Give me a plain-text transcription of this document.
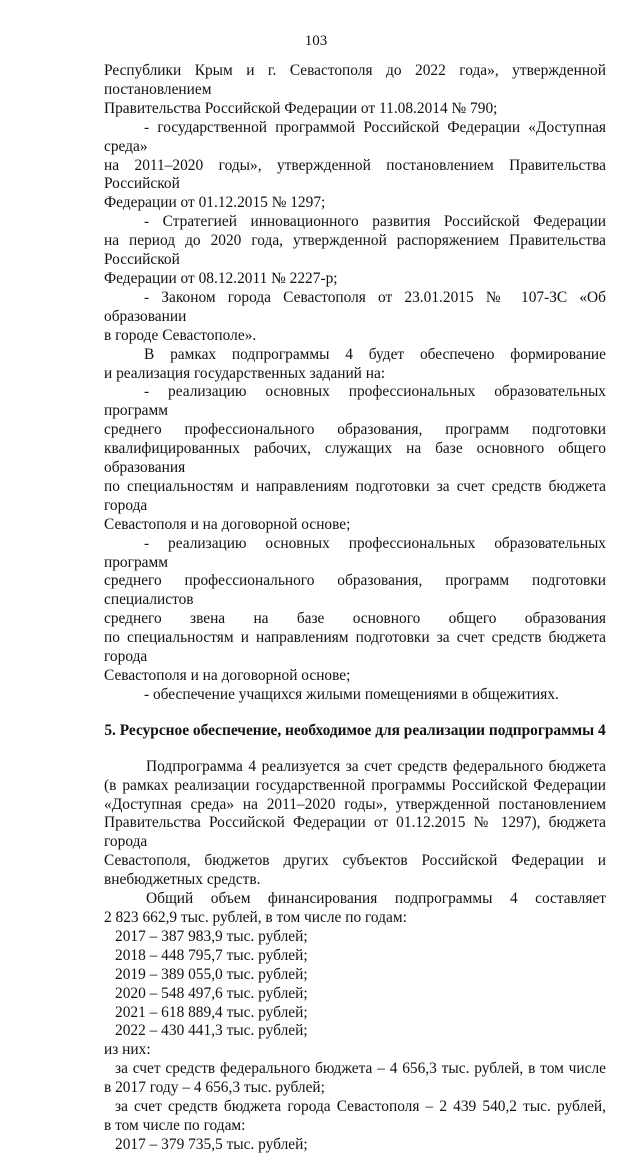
103

Республики Крым и г. Севастополя до 2022 года», утвержденной постановлением

Правительства Российской Федерации от 11.08.2014 № 790;

- государственной программой Российской Федерации «Доступная среда»

на 2011–2020 годы», утвержденной постановлением Правительства Российской

Федерации от 01.12.2015 № 1297;

- Стратегией инновационного развития Российской Федерации

на период до 2020 года, утвержденной распоряжением Правительства Российской

Федерации от 08.12.2011 № 2227-р;

- Законом города Севастополя от 23.01.2015 № 107-ЗС «Об образовании

в городе Севастополе».

В рамках подпрограммы 4 будет обеспечено формирование

и реализация государственных заданий на:

- реализацию основных профессиональных образовательных программ

среднего профессионального образования, программ подготовки

квалифицированных рабочих, служащих на базе основного общего образования

по специальностям и направлениям подготовки за счет средств бюджета города

Севастополя и на договорной основе;

- реализацию основных профессиональных образовательных программ

среднего профессионального образования, программ подготовки специалистов

среднего звена на базе основного общего образования

по специальностям и направлениям подготовки за счет средств бюджета города

Севастополя и на договорной основе;

- обеспечение учащихся жилыми помещениями в общежитиях.

5. Ресурсное обеспечение, необходимое для реализации подпрограммы 4

Подпрограмма 4 реализуется за счет средств федерального бюджета

(в рамках реализации государственной программы Российской Федерации

«Доступная среда» на 2011–2020 годы», утвержденной постановлением

Правительства Российской Федерации от 01.12.2015 № 1297), бюджета города

Севастополя, бюджетов других субъектов Российской Федерации и

внебюджетных средств.

Общий объем финансирования подпрограммы 4 составляет

2 823 662,9 тыс. рублей, в том числе по годам:

2017 – 387 983,9 тыс. рублей;

2018 – 448 795,7 тыс. рублей;

2019 – 389 055,0 тыс. рублей;

2020 – 548 497,6 тыс. рублей;

2021 – 618 889,4 тыс. рублей;

2022 – 430 441,3 тыс. рублей;

из них:

за счет средств федерального бюджета – 4 656,3 тыс. рублей, в том числе

в 2017 году – 4 656,3 тыс. рублей;

за счет средств бюджета города Севастополя – 2 439 540,2 тыс. рублей,

в том числе по годам:

2017 – 379 735,5 тыс. рублей;
